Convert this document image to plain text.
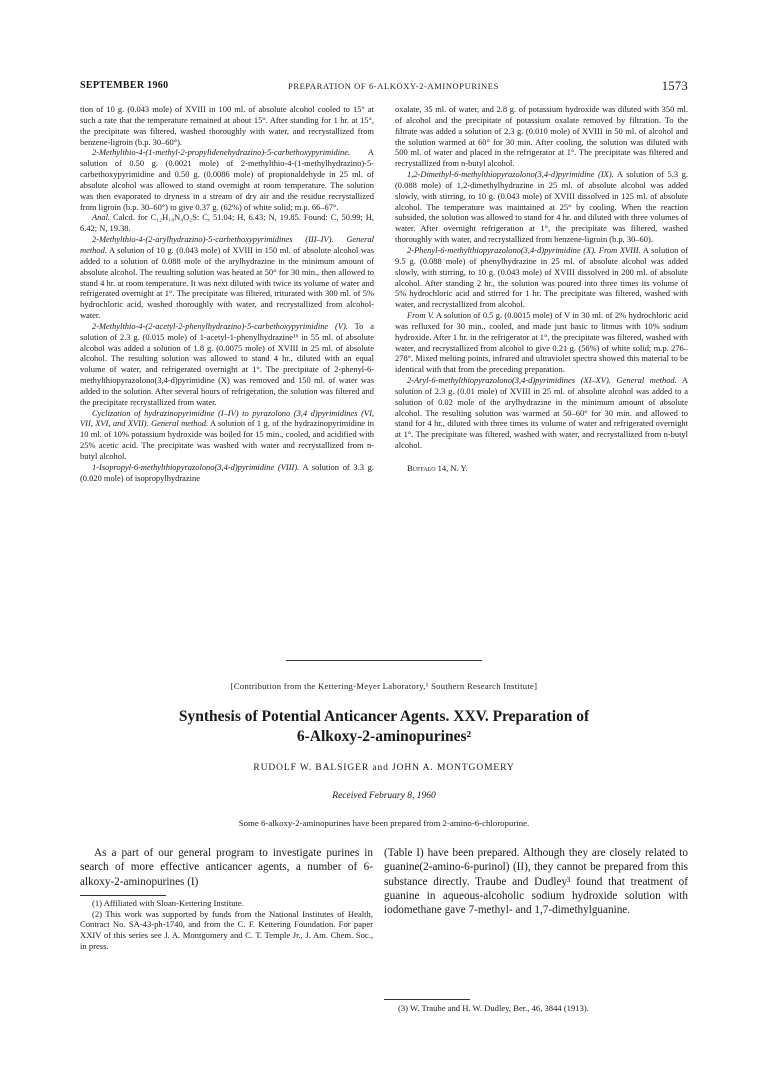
SEPTEMBER 1960	PREPARATION OF 6-ALKOXY-2-AMINOPURINES	1573

tion of 10 g. (0.043 mole) of XVIII in 100 ml. of absolute alcohol cooled to 15° at such a rate that the temperature remained at about 15°. After standing for 1 hr. at 15°, the precipitate was filtered, washed thoroughly with water, and recrystallized from benzene-ligroin (b.p. 30–60°).

2-Methylthio-4-(1-methyl-2-propylidenehydrazino)-5-carbethoxypyrimidine. A solution of 0.50 g. (0.0021 mole) of 2-methylthio-4-(1-methylhydrazino)-5-carbethoxypyrimidine and 0.50 g. (0.0086 mole) of propionaldehyde in 25 ml. of absolute alcohol was allowed to stand overnight at room temperature. The solution was then evaporated to dryness in a stream of dry air and the residue recrystallized from ligroin (b.p. 30–60°) to give 0.37 g. (62%) of white solid; m.p. 66–67°.

Anal. Calcd. for C₁₂H₁₈N₄O₂S: C, 51.04; H, 6.43; N, 19.85. Found: C, 50.99; H, 6.42; N, 19.38.

2-Methylthio-4-(2-arylhydrazino)-5-carbethoxypyrimidines (III–IV). General method. A solution of 10 g. (0.043 mole) of XVIII in 150 ml. of absolute alcohol was added to a solution of 0.088 mole of the arylhydrazine in the minimum amount of absolute alcohol. The resulting solution was heated at 50° for 30 min., then allowed to stand 4 hr. at room temperature. It was next diluted with twice its volume of water and refrigerated overnight at 1°. The precipitate was filtered, triturated with 300 ml. of 5% hydrochloric acid, washed thoroughly with water, and recrystallized from alcohol-water.

2-Methylthio-4-(2-acetyl-2-phenylhydrazino)-5-carbethoxypyrimidine (V). To a solution of 2.3 g. (0.015 mole) of 1-acetyl-1-phenylhydrazine¹⁶ in 55 ml. of absolute alcohol was added a solution of 1.8 g. (0.0075 mole) of XVIII in 25 ml. of absolute alcohol. The resulting solution was allowed to stand 4 hr., diluted with an equal volume of water, and refrigerated overnight at 1°. The precipitate of 2-phenyl-6-methylthiopyrazolono(3,4-d)pyrimidine (X) was removed and 150 ml. of water was added to the solution. After several hours of refrigeration, the solution was filtered and the precipitate recrystallized from water.

Cyclization of hydrazinopyrimidine (I–IV) to pyrazolono (3,4 d)pyrimidines (VI, VII, XVI, and XVII). General method. A solution of 1 g. of the hydrazinopyrimidine in 10 ml. of 10% potassium hydroxide was boiled for 15 min., cooled, and acidified with 25% acetic acid. The precipitate was washed with water and recrystallized from n-butyl alcohol.

1-Isopropyl-6-methylthiopyrazolono(3,4-d)pyrimidine (VIII). A solution of 3.3 g. (0.020 mole) of isopropylhydrazine

oxalate, 35 ml. of water, and 2.8 g. of potassium hydroxide was diluted with 350 ml. of alcohol and the precipitate of potassium oxalate removed by filtration. To the filtrate was added a solution of 2.3 g. (0.010 mole) of XVIII in 50 ml. of alcohol and the solution warmed at 60° for 30 min. After cooling, the solution was diluted with 500 ml. of water and placed in the refrigerator at 1°. The precipitate was filtered and recrystallized from n-butyl alcohol.

1,2-Dimethyl-6-methylthiopyrazolono(3,4-d)pyrimidine (IX). A solution of 5.3 g. (0.088 mole) of 1,2-dimethylhydrazine in 25 ml. of absolute alcohol was added slowly, with stirring, to 10 g. (0.043 mole) of XVIII dissolved in 125 ml. of absolute alcohol. The temperature was maintained at 25° by cooling. When the reaction subsided, the solution was allowed to stand for 4 hr. and diluted with three volumes of water. After overnight refrigeration at 1°, the precipitate was filtered, washed thoroughly with water, and recrystallized from benzene-ligroin (b.p. 30–60).

2-Phenyl-6-methylthiopyrazolono(3,4-d)pyrimidine (X). From XVIII. A solution of 9.5 g. (0.088 mole) of phenylhydrazine in 25 ml. of absolute alcohol was added slowly, with stirring, to 10 g. (0.043 mole) of XVIII dissolved in 200 ml. of absolute alcohol. After standing 2 hr., the solution was poured into three times its volume of 5% hydrochloric acid and stirred for 1 hr. The precipitate was filtered, washed with water, and recrystallized from alcohol.

From V. A solution of 0.5 g. (0.0015 mole) of V in 30 ml. of 2% hydrochloric acid was refluxed for 30 min., cooled, and made just basic to litmus with 10% sodium hydroxide. After 1 hr. in the refrigerator at 1°, the precipitate was filtered, washed with water, and recrystallized from alcohol to give 0.21 g. (56%) of white solid; m.p. 276–278°. Mixed melting points, infrared and ultraviolet spectra showed this material to be identical with that from the preceding preparation.

2-Aryl-6-methylthiopyrazolono(3,4-d)pyrimidines (XI–XV). General method. A solution of 2.3 g. (0.01 mole) of XVIII in 25 ml. of absolute alcohol was added to a solution of 0.02 mole of the arylhydrazine in the minimum amount of absolute alcohol. The resulting solution was warmed at 50–60° for 30 min. and allowed to stand for 4 hr., diluted with three times its volume of water and refrigerated overnight at 1°. The precipitate was filtered, washed with water, and recrystallized from n-butyl alcohol.

Buffalo 14, N. Y.

[Contribution from the Kettering-Meyer Laboratory,¹ Southern Research Institute]
Synthesis of Potential Anticancer Agents. XXV. Preparation of
6-Alkoxy-2-aminopurines²
RUDOLF W. BALSIGER and JOHN A. MONTGOMERY
Received February 8, 1960
Some 6-alkoxy-2-aminopurines have been prepared from 2-amino-6-chloropurine.

As a part of our general program to investigate purines in search of more effective anticancer agents, a number of 6-alkoxy-2-aminopurines (I)

(Table I) have been prepared. Although they are closely related to guanine(2-amino-6-purinol) (II), they cannot be prepared from this substance directly. Traube and Dudley³ found that treatment of guanine in aqueous-alcoholic sodium hydroxide solution with iodomethane gave 7-methyl- and 1,7-dimethylguanine.

(1) Affiliated with Sloan-Kettering Institute.

(2) This work was supported by funds from the National Institutes of Health, Contract No. SA-43-ph-1740, and from the C. F. Kettering Foundation. For paper XXIV of this series see J. A. Montgomery and C. T. Temple Jr., J. Am. Chem. Soc., in press.

(3) W. Traube and H. W. Dudley, Ber., 46, 3844 (1913).
